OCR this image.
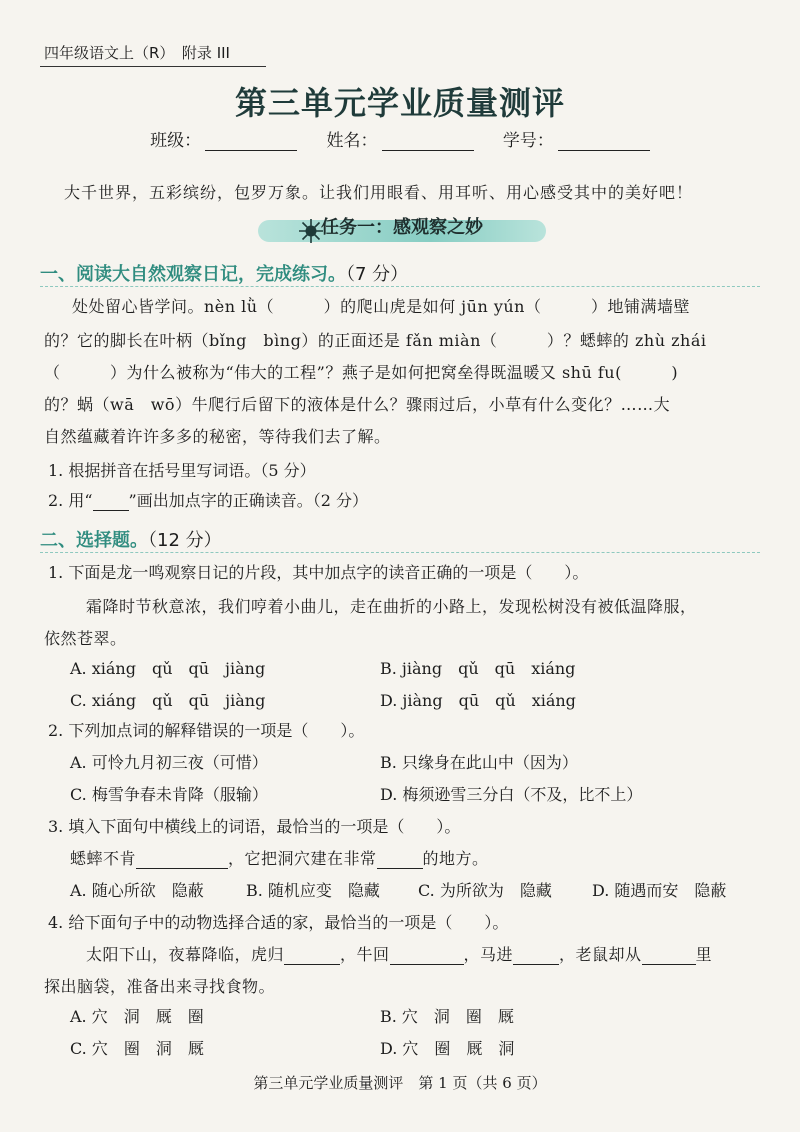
四年级语文上（R）　附录 III
第三单元学业质量测评
班级：	姓名：	学号：
大千世界，五彩缤纷，包罗万象。让我们用眼看、用耳听、用心感受其中的美好吧！
任务一：感观察之妙
一、阅读大自然观察日记，完成练习。（7 分）
处处留心皆学问。nèn lǜ（　　　）的爬山虎是如何 jūn yún（　　　）地铺满墙壁
的？它的脚长在叶柄（bǐng　bìng）的正面还是 fǎn miàn（　　　）？蟋蟀的 zhù zhái
（　　　）为什么被称为“伟大的工程”？燕子是如何把窝垒得既温暖又 shū fu(　　　)
的？蜗（wā　wō）牛爬行后留下的液体是什么？骤雨过后，小草有什么变化？……大
自然蕴藏着许许多多的秘密，等待我们去了解。
1. 根据拼音在括号里写词语。（5 分）
2. 用“ ”画出加点字的正确读音。（2 分）
二、选择题。（12 分）
1. 下面是龙一鸣观察日记的片段，其中加点字的读音正确的一项是（　　）。
霜降时节秋意浓，我们哼着小曲儿，走在曲折的小路上，发现松树没有被低温降服，
依然苍翠。
A. xiáng　qǔ　qū　jiàng	B. jiàng　qǔ　qū　xiáng
C. xiáng　qǔ　qū　jiàng	D. jiàng　qū　qǔ　xiáng
2. 下列加点词的解释错误的一项是（　　）。
A. 可怜九月初三夜（可惜）	B. 只缘身在此山中（因为）
C. 梅雪争春未肯降（服输）	D. 梅须逊雪三分白（不及，比不上）
3. 填入下面句中横线上的词语，最恰当的一项是（　　）。
蟋蟀不肯	，它把洞穴建在非常	的地方。
A. 随心所欲　隐蔽	B. 随机应变　隐藏 C. 为所欲为　隐藏	D. 随遇而安　隐蔽
4. 给下面句子中的动物选择合适的家，最恰当的一项是（　　）。
太阳下山，夜幕降临，虎归	，牛回	，马进	，老鼠却从	里
探出脑袋，准备出来寻找食物。
A. 穴　洞　厩　圈	B. 穴　洞　圈　厩
C. 穴　圈　洞　厩	D. 穴　圈　厩　洞
第三单元学业质量测评　第 1 页（共 6 页）
